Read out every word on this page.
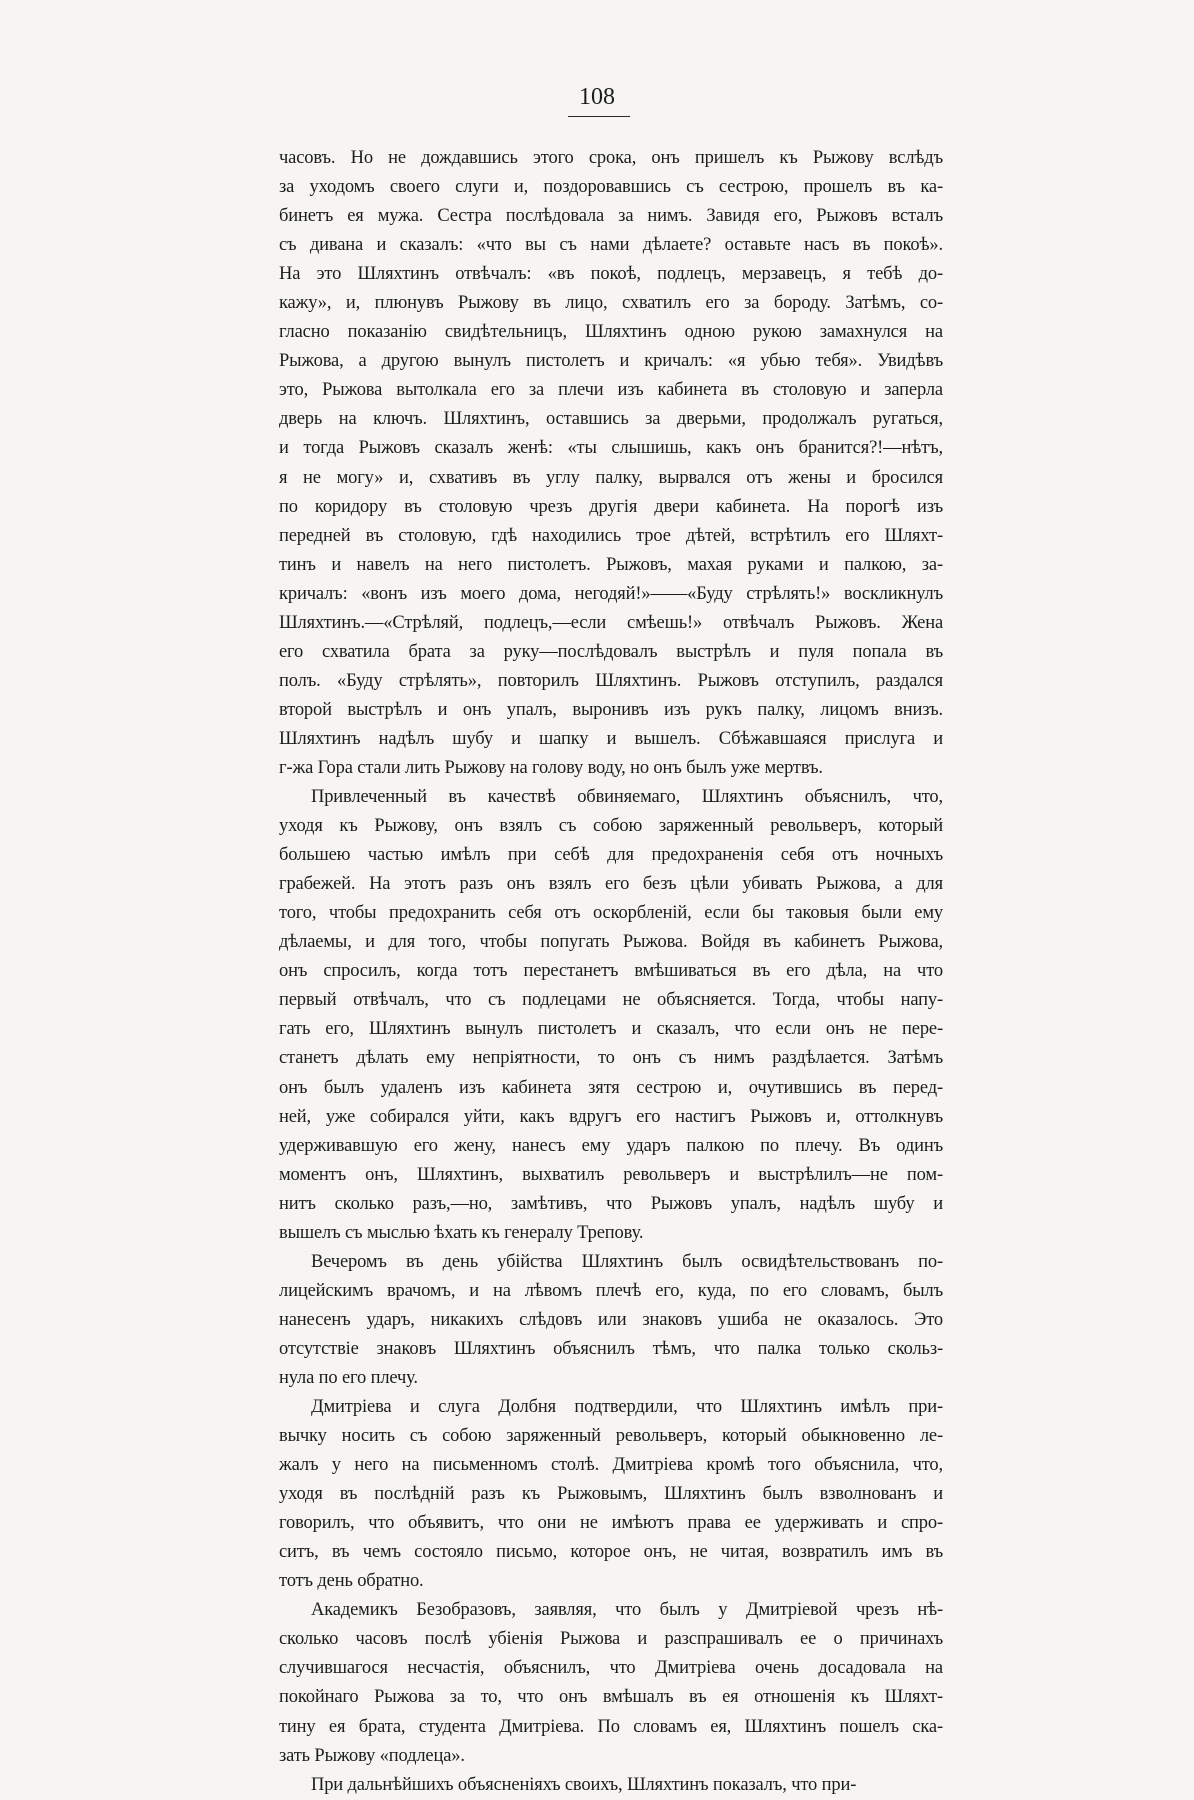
108
часовъ. Но не дождавшись этого срока, онъ пришелъ къ Рыжову вслѣдъ
за уходомъ своего слуги и, поздоровавшись съ сестрою, прошелъ въ ка-
бинетъ ея мужа. Сестра послѣдовала за нимъ. Завидя его, Рыжовъ всталъ
съ дивана и сказалъ: «что вы съ нами дѣлаете? оставьте насъ въ покоѣ».
На это Шляхтинъ отвѣчалъ: «въ покоѣ, подлецъ, мерзавецъ, я тебѣ до-
кажу», и, плюнувъ Рыжову въ лицо, схватилъ его за бороду. Затѣмъ, со-
гласно показанію свидѣтельницъ, Шляхтинъ одною рукою замахнулся на
Рыжова, а другою вынулъ пистолетъ и кричалъ: «я убью тебя». Увидѣвъ
это, Рыжова вытолкала его за плечи изъ кабинета въ столовую и заперла
дверь на ключъ. Шляхтинъ, оставшись за дверьми, продолжалъ ругаться,
и тогда Рыжовъ сказалъ женѣ: «ты слышишь, какъ онъ бранится?!—нѣтъ,
я не могу» и, схвативъ въ углу палку, вырвался отъ жены и бросился
по коридору въ столовую чрезъ другія двери кабинета. На порогѣ изъ
передней въ столовую, гдѣ находились трое дѣтей, встрѣтилъ его Шляхт-
тинъ и навелъ на него пистолетъ. Рыжовъ, махая руками и палкою, за-
кричалъ: «вонъ изъ моего дома, негодяй!»——«Буду стрѣлять!» воскликнулъ
Шляхтинъ.—«Стрѣляй, подлецъ,—если смѣешь!» отвѣчалъ Рыжовъ. Жена
его схватила брата за руку—послѣдовалъ выстрѣлъ и пуля попала въ
полъ. «Буду стрѣлять», повторилъ Шляхтинъ. Рыжовъ отступилъ, раздался
второй выстрѣлъ и онъ упалъ, выронивъ изъ рукъ палку, лицомъ внизъ.
Шляхтинъ надѣлъ шубу и шапку и вышелъ. Сбѣжавшаяся прислуга и
г-жа Гора стали лить Рыжову на голову воду, но онъ былъ уже мертвъ.
Привлеченный въ качествѣ обвиняемаго, Шляхтинъ объяснилъ, что,
уходя къ Рыжову, онъ взялъ съ собою заряженный револьверъ, который
большею частью имѣлъ при себѣ для предохраненія себя отъ ночныхъ
грабежей. На этотъ разъ онъ взялъ его безъ цѣли убивать Рыжова, а для
того, чтобы предохранить себя отъ оскорбленій, если бы таковыя были ему
дѣлаемы, и для того, чтобы попугать Рыжова. Войдя въ кабинетъ Рыжова,
онъ спросилъ, когда тотъ перестанетъ вмѣшиваться въ его дѣла, на что
первый отвѣчалъ, что съ подлецами не объясняется. Тогда, чтобы напу-
гать его, Шляхтинъ вынулъ пистолетъ и сказалъ, что если онъ не пере-
станетъ дѣлать ему непріятности, то онъ съ нимъ раздѣлается. Затѣмъ
онъ былъ удаленъ изъ кабинета зятя сестрою и, очутившись въ перед-
ней, уже собирался уйти, какъ вдругъ его настигъ Рыжовъ и, оттолкнувъ
удерживавшую его жену, нанесъ ему ударъ палкою по плечу. Въ одинъ
моментъ онъ, Шляхтинъ, выхватилъ револьверъ и выстрѣлилъ—не пом-
нитъ сколько разъ,—но, замѣтивъ, что Рыжовъ упалъ, надѣлъ шубу и
вышелъ съ мыслью ѣхать къ генералу Трепову.
Вечеромъ въ день убійства Шляхтинъ былъ освидѣтельствованъ по-
лицейскимъ врачомъ, и на лѣвомъ плечѣ его, куда, по его словамъ, былъ
нанесенъ ударъ, никакихъ слѣдовъ или знаковъ ушиба не оказалось. Это
отсутствіе знаковъ Шляхтинъ объяснилъ тѣмъ, что палка только скольз-
нула по его плечу.
Дмитріева и слуга Долбня подтвердили, что Шляхтинъ имѣлъ при-
вычку носить съ собою заряженный револьверъ, который обыкновенно ле-
жалъ у него на письменномъ столѣ. Дмитріева кромѣ того объяснила, что,
уходя въ послѣдній разъ къ Рыжовымъ, Шляхтинъ былъ взволнованъ и
говорилъ, что объявитъ, что они не имѣютъ права ее удерживать и спро-
ситъ, въ чемъ состояло письмо, которое онъ, не читая, возвратилъ имъ въ
тотъ день обратно.
Академикъ Безобразовъ, заявляя, что былъ у Дмитріевой чрезъ нѣ-
сколько часовъ послѣ убіенія Рыжова и разспрашивалъ ее о причинахъ
случившагося несчастія, объяснилъ, что Дмитріева очень досадовала на
покойнаго Рыжова за то, что онъ вмѣшалъ въ ея отношенія къ Шляхт-
тину ея брата, студента Дмитріева. По словамъ ея, Шляхтинъ пошелъ ска-
зать Рыжову «подлеца».
При дальнѣйшихъ объясненіяхъ своихъ, Шляхтинъ показалъ, что при-
